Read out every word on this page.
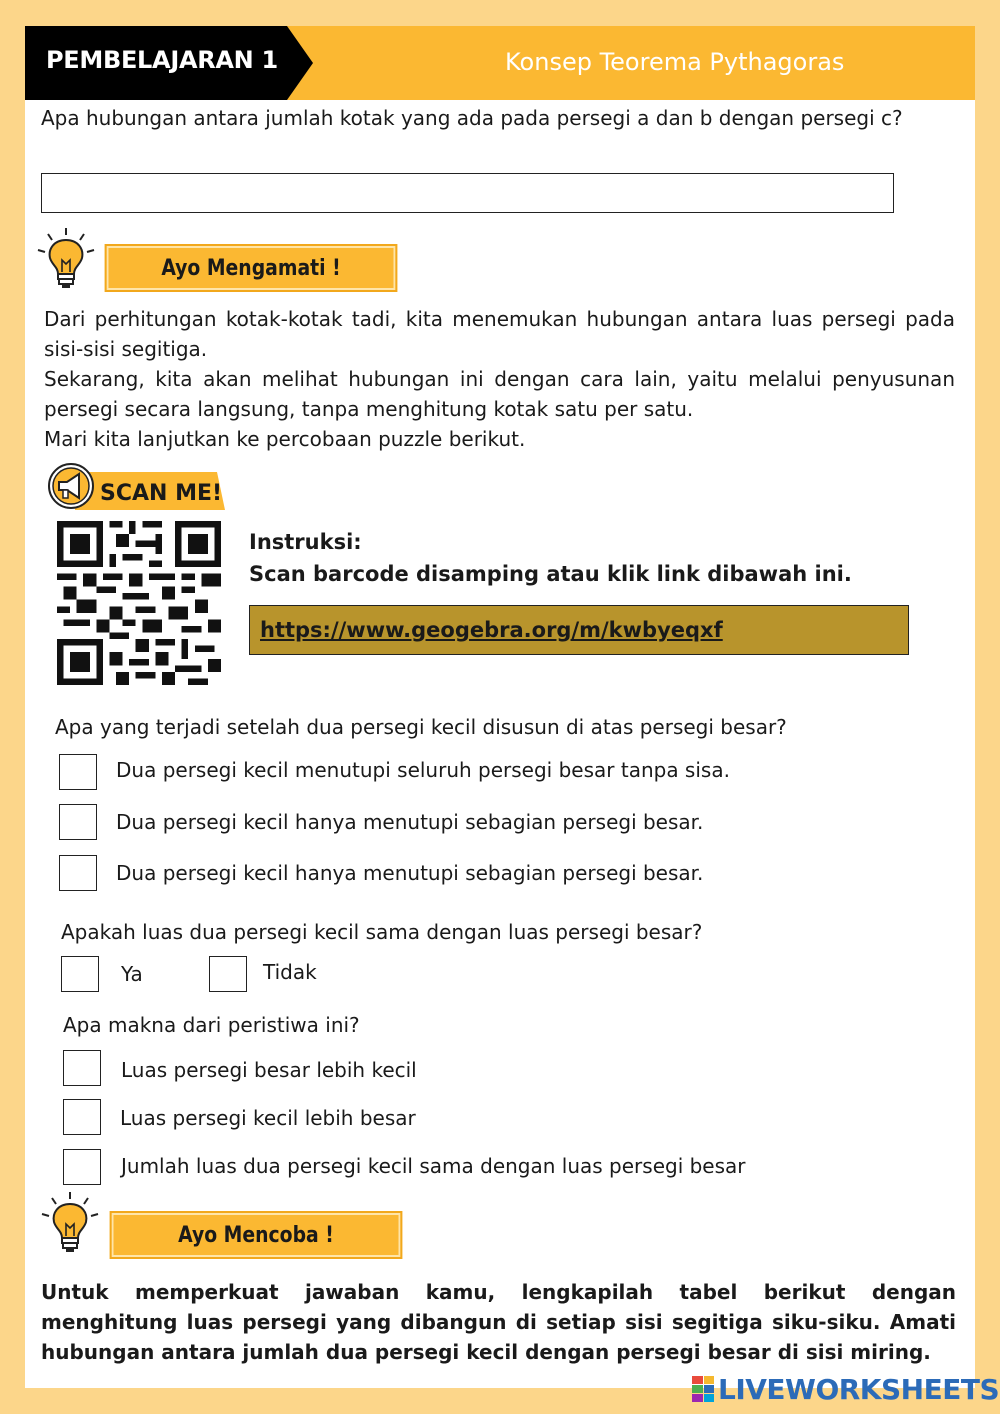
PEMBELAJARAN 1	Konsep Teorema Pythagoras
Apa hubungan antara jumlah kotak yang ada pada persegi a dan b dengan persegi c?
Ayo Mengamati !
Dari perhitungan kotak-kotak tadi, kita menemukan hubungan antara luas persegi pada sisi-sisi segitiga.
Sekarang, kita akan melihat hubungan ini dengan cara lain, yaitu melalui penyusunan persegi secara langsung, tanpa menghitung kotak satu per satu.
Mari kita lanjutkan ke percobaan puzzle berikut.
SCAN ME!
Instruksi:
Scan barcode disamping atau klik link dibawah ini.
https://www.geogebra.org/m/kwbyeqxf
Apa yang terjadi setelah dua persegi kecil disusun di atas persegi besar?
Dua persegi kecil menutupi seluruh persegi besar tanpa sisa.
Dua persegi kecil hanya menutupi sebagian persegi besar.
Dua persegi kecil hanya menutupi sebagian persegi besar.
Apakah luas dua persegi kecil sama dengan luas persegi besar?
Ya	Tidak
Apa makna dari peristiwa ini?
Luas persegi besar lebih kecil
Luas persegi kecil lebih besar
Jumlah luas dua persegi kecil sama dengan luas persegi besar
Ayo Mencoba !
Untuk memperkuat jawaban kamu, lengkapilah tabel berikut dengan menghitung luas persegi yang dibangun di setiap sisi segitiga siku-siku. Amati hubungan antara jumlah dua persegi kecil dengan persegi besar di sisi miring.
LIVEWORKSHEETS
